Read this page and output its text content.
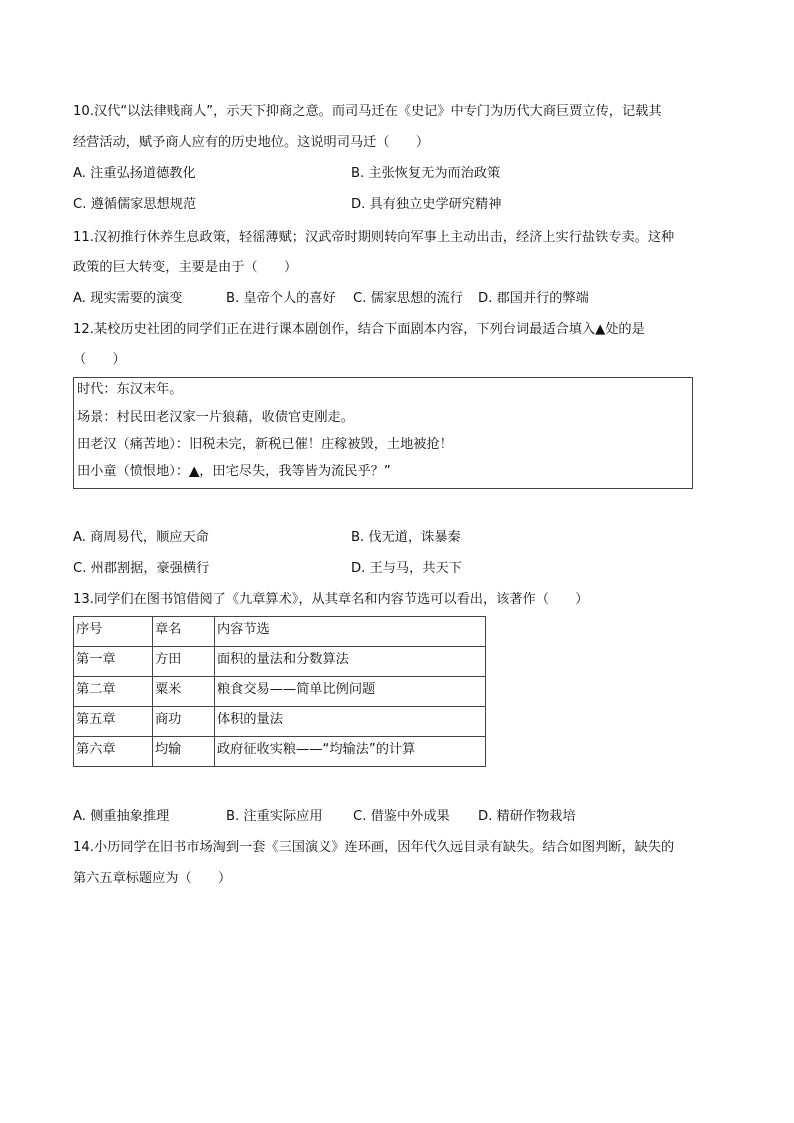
10.汉代“以法律贱商人”，示天下抑商之意。而司马迁在《史记》中专门为历代大商巨贾立传，记载其
经营活动，赋予商人应有的历史地位。这说明司马迁（　　）
A. 注重弘扬道德教化	B. 主张恢复无为而治政策
C. 遵循儒家思想规范	D. 具有独立史学研究精神
11.汉初推行休养生息政策，轻徭薄赋；汉武帝时期则转向军事上主动出击，经济上实行盐铁专卖。这种
政策的巨大转变，主要是由于（　　）
A. 现实需要的演变	B. 皇帝个人的喜好 C. 儒家思想的流行 D. 郡国并行的弊端
12.某校历史社团的同学们正在进行课本剧创作，结合下面剧本内容，下列台词最适合填入▲处的是
（　　）
时代：东汉末年。
场景：村民田老汉家一片狼藉，收债官吏刚走。
田老汉（痛苦地）：旧税未完，新税已催！庄稼被毁，土地被抢！
田小童（愤恨地）：▲，田宅尽失，我等皆为流民乎？”
A. 商周易代，顺应天命	B. 伐无道，诛暴秦
C. 州郡割据，豪强横行	D. 王与马，共天下
13.同学们在图书馆借阅了《九章算术》，从其章名和内容节选可以看出，该著作（　　）
序号	章名	内容节选
第一章	方田	面积的量法和分数算法
第二章	粟米	粮食交易——简单比例问题
第五章	商功	体积的量法
第六章	均输	政府征收实粮——“均输法”的计算
A. 侧重抽象推理	B. 注重实际应用 C. 借鉴中外成果 D. 精研作物栽培
14.小历同学在旧书市场淘到一套《三国演义》连环画，因年代久远目录有缺失。结合如图判断，缺失的
第六五章标题应为（　　）
